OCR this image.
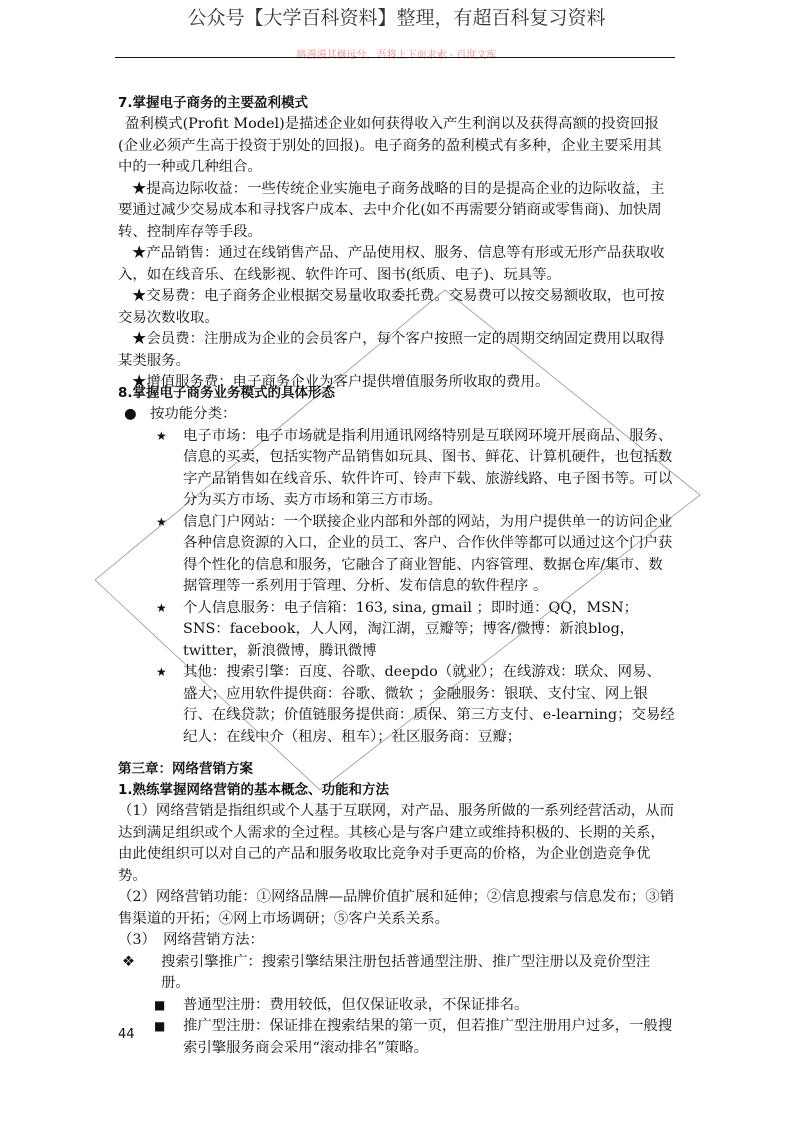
公众号【大学百科资料】整理，有超百科复习资料
路漫漫其修远兮，吾将上下而求索 - 百度文库

7.掌握电子商务的主要盈利模式

盈利模式(Profit Model)是描述企业如何获得收入产生利润以及获得高额的投资回报(企业必须产生高于投资于别处的回报)。电子商务的盈利模式有多种，企业主要采用其中的一种或几种组合。

★提高边际收益：一些传统企业实施电子商务战略的目的是提高企业的边际收益，主要通过减少交易成本和寻找客户成本、去中介化(如不再需要分销商或零售商)、加快周转、控制库存等手段。

★产品销售：通过在线销售产品、产品使用权、服务、信息等有形或无形产品获取收入，如在线音乐、在线影视、软件许可、图书(纸质、电子)、玩具等。

★交易费：电子商务企业根据交易量收取委托费。交易费可以按交易额收取，也可按交易次数收取。

★会员费：注册成为企业的会员客户，每个客户按照一定的周期交纳固定费用以取得某类服务。

★增值服务费：电子商务企业为客户提供增值服务所收取的费用。

8.掌握电子商务业务模式的具体形态

● 按功能分类：

★ 电子市场：电子市场就是指利用通讯网络特别是互联网环境开展商品、服务、信息的买卖，包括实物产品销售如玩具、图书、鲜花、计算机硬件，也包括数字产品销售如在线音乐、软件许可、铃声下载、旅游线路、电子图书等。可以分为买方市场、卖方市场和第三方市场。

★ 信息门户网站：一个联接企业内部和外部的网站，为用户提供单一的访问企业各种信息资源的入口，企业的员工、客户、合作伙伴等都可以通过这个门户获得个性化的信息和服务，它融合了商业智能、内容管理、数据仓库/集市、数据管理等一系列用于管理、分析、发布信息的软件程序 。

★ 个人信息服务：电子信箱：163, sina, gmail ；即时通：QQ，MSN；SNS：facebook，人人网，淘江湖，豆瓣等；博客/微博：新浪blog，twitter，新浪微博，腾讯微博

★ 其他：搜索引擎：百度、谷歌、deepdo（就业）；在线游戏：联众、网易、盛大；应用软件提供商：谷歌、微软 ；金融服务：银联、支付宝、网上银行、在线贷款；价值链服务提供商：质保、第三方支付、e-learning；交易经纪人：在线中介（租房、租车）；社区服务商：豆瓣；

第三章：网络营销方案

1.熟练掌握网络营销的基本概念、功能和方法

（1）网络营销是指组织或个人基于互联网，对产品、服务所做的一系列经营活动，从而达到满足组织或个人需求的全过程。其核心是与客户建立或维持积极的、长期的关系，由此使组织可以对自己的产品和服务收取比竞争对手更高的价格，为企业创造竞争优势。

（2）网络营销功能：①网络品牌—品牌价值扩展和延伸；②信息搜索与信息发布；③销售渠道的开拓；④网上市场调研；⑤客户关系关系。

（3）　网络营销方法：

❖ 搜索引擎推广：搜索引擎结果注册包括普通型注册、推广型注册以及竞价型注册。

■ 普通型注册：费用较低，但仅保证收录，不保证排名。

■ 推广型注册：保证排在搜索结果的第一页，但若推广型注册用户过多，一般搜索引擎服务商会采用“滚动排名”策略。

44
